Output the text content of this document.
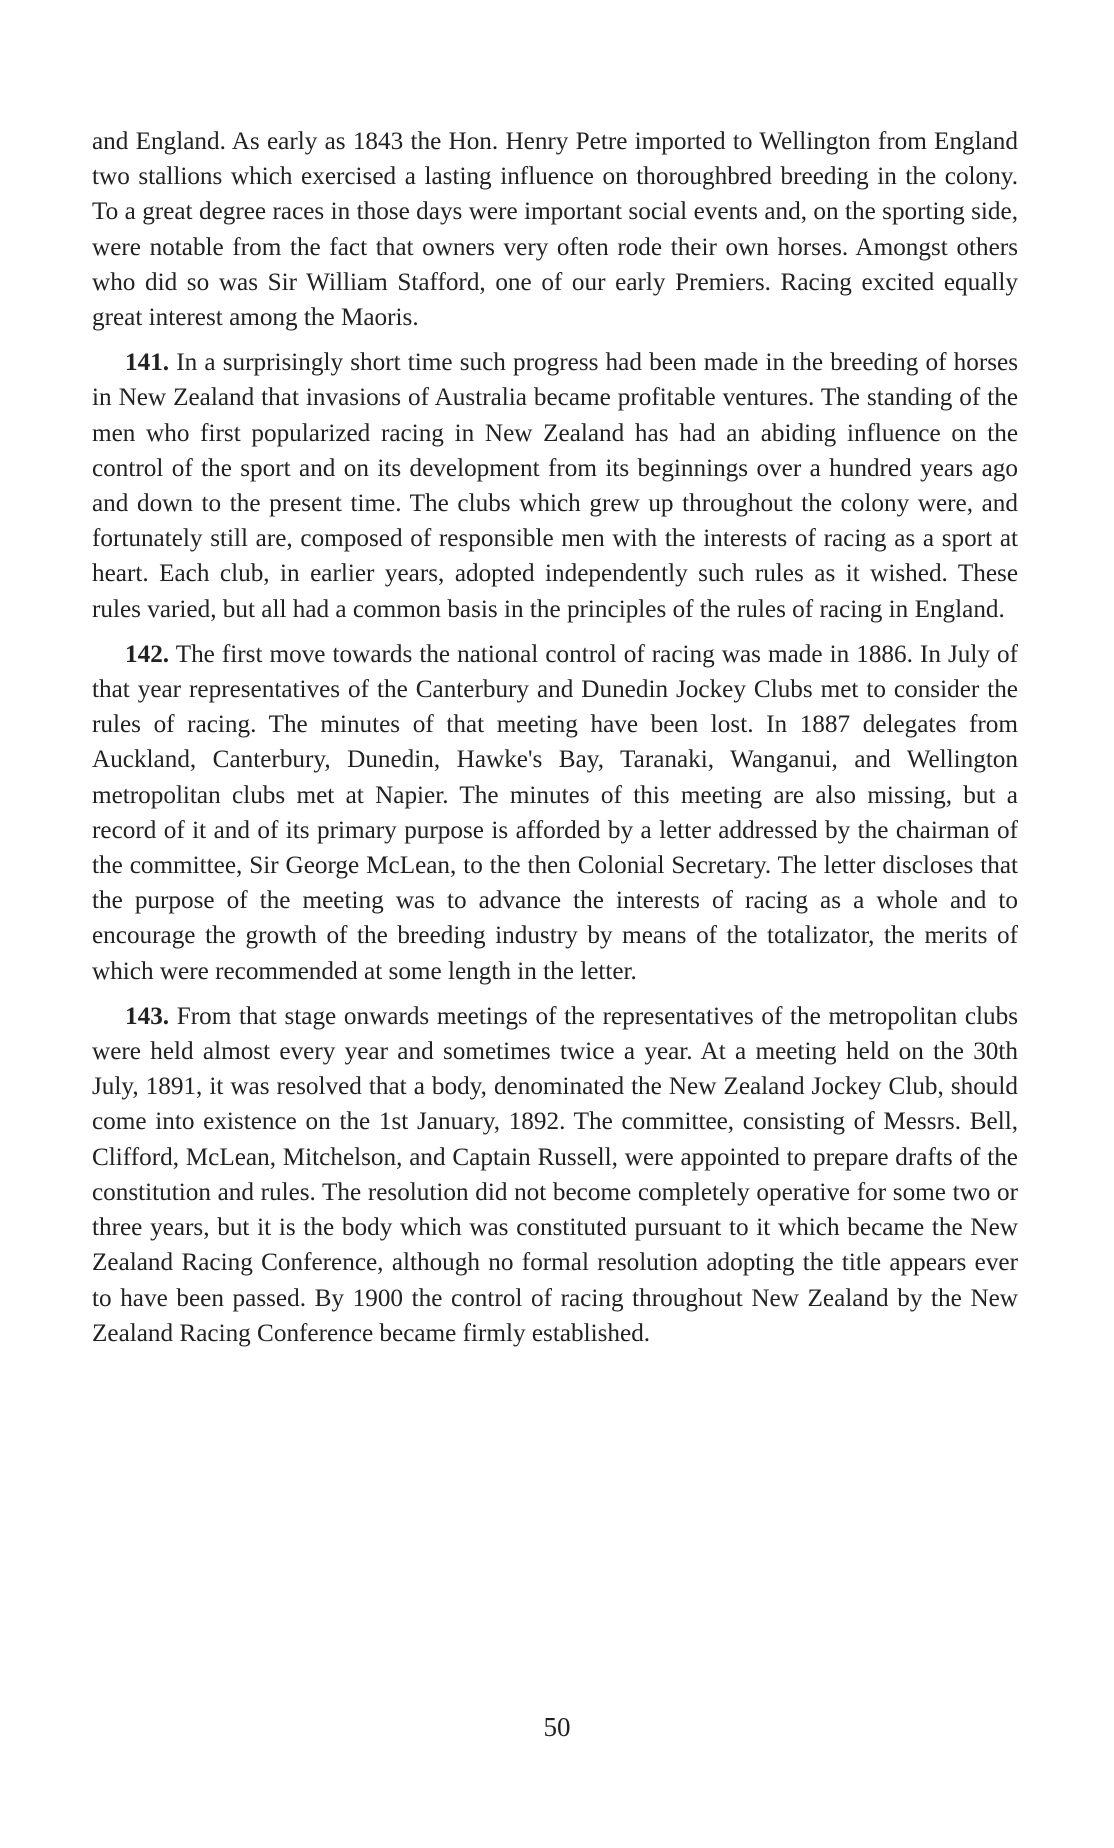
and England. As early as 1843 the Hon. Henry Petre imported to Wellington from England two stallions which exercised a lasting influence on thoroughbred breeding in the colony. To a great degree races in those days were important social events and, on the sporting side, were notable from the fact that owners very often rode their own horses. Amongst others who did so was Sir William Stafford, one of our early Premiers. Racing excited equally great interest among the Maoris.

141. In a surprisingly short time such progress had been made in the breeding of horses in New Zealand that invasions of Australia became profitable ventures. The standing of the men who first popularized racing in New Zealand has had an abiding influence on the control of the sport and on its development from its beginnings over a hundred years ago and down to the present time. The clubs which grew up throughout the colony were, and fortunately still are, composed of responsible men with the interests of racing as a sport at heart. Each club, in earlier years, adopted independently such rules as it wished. These rules varied, but all had a common basis in the principles of the rules of racing in England.

142. The first move towards the national control of racing was made in 1886. In July of that year representatives of the Canterbury and Dunedin Jockey Clubs met to consider the rules of racing. The minutes of that meeting have been lost. In 1887 delegates from Auckland, Canterbury, Dunedin, Hawke's Bay, Taranaki, Wanganui, and Wellington metropolitan clubs met at Napier. The minutes of this meeting are also missing, but a record of it and of its primary purpose is afforded by a letter addressed by the chairman of the committee, Sir George McLean, to the then Colonial Secretary. The letter discloses that the purpose of the meeting was to advance the interests of racing as a whole and to encourage the growth of the breeding industry by means of the totalizator, the merits of which were recommended at some length in the letter.

143. From that stage onwards meetings of the representatives of the metropolitan clubs were held almost every year and sometimes twice a year. At a meeting held on the 30th July, 1891, it was resolved that a body, denominated the New Zealand Jockey Club, should come into existence on the 1st January, 1892. The committee, consisting of Messrs. Bell, Clifford, McLean, Mitchelson, and Captain Russell, were appointed to prepare drafts of the constitution and rules. The resolution did not become completely operative for some two or three years, but it is the body which was constituted pursuant to it which became the New Zealand Racing Conference, although no formal resolution adopting the title appears ever to have been passed. By 1900 the control of racing throughout New Zealand by the New Zealand Racing Conference became firmly established.

50
